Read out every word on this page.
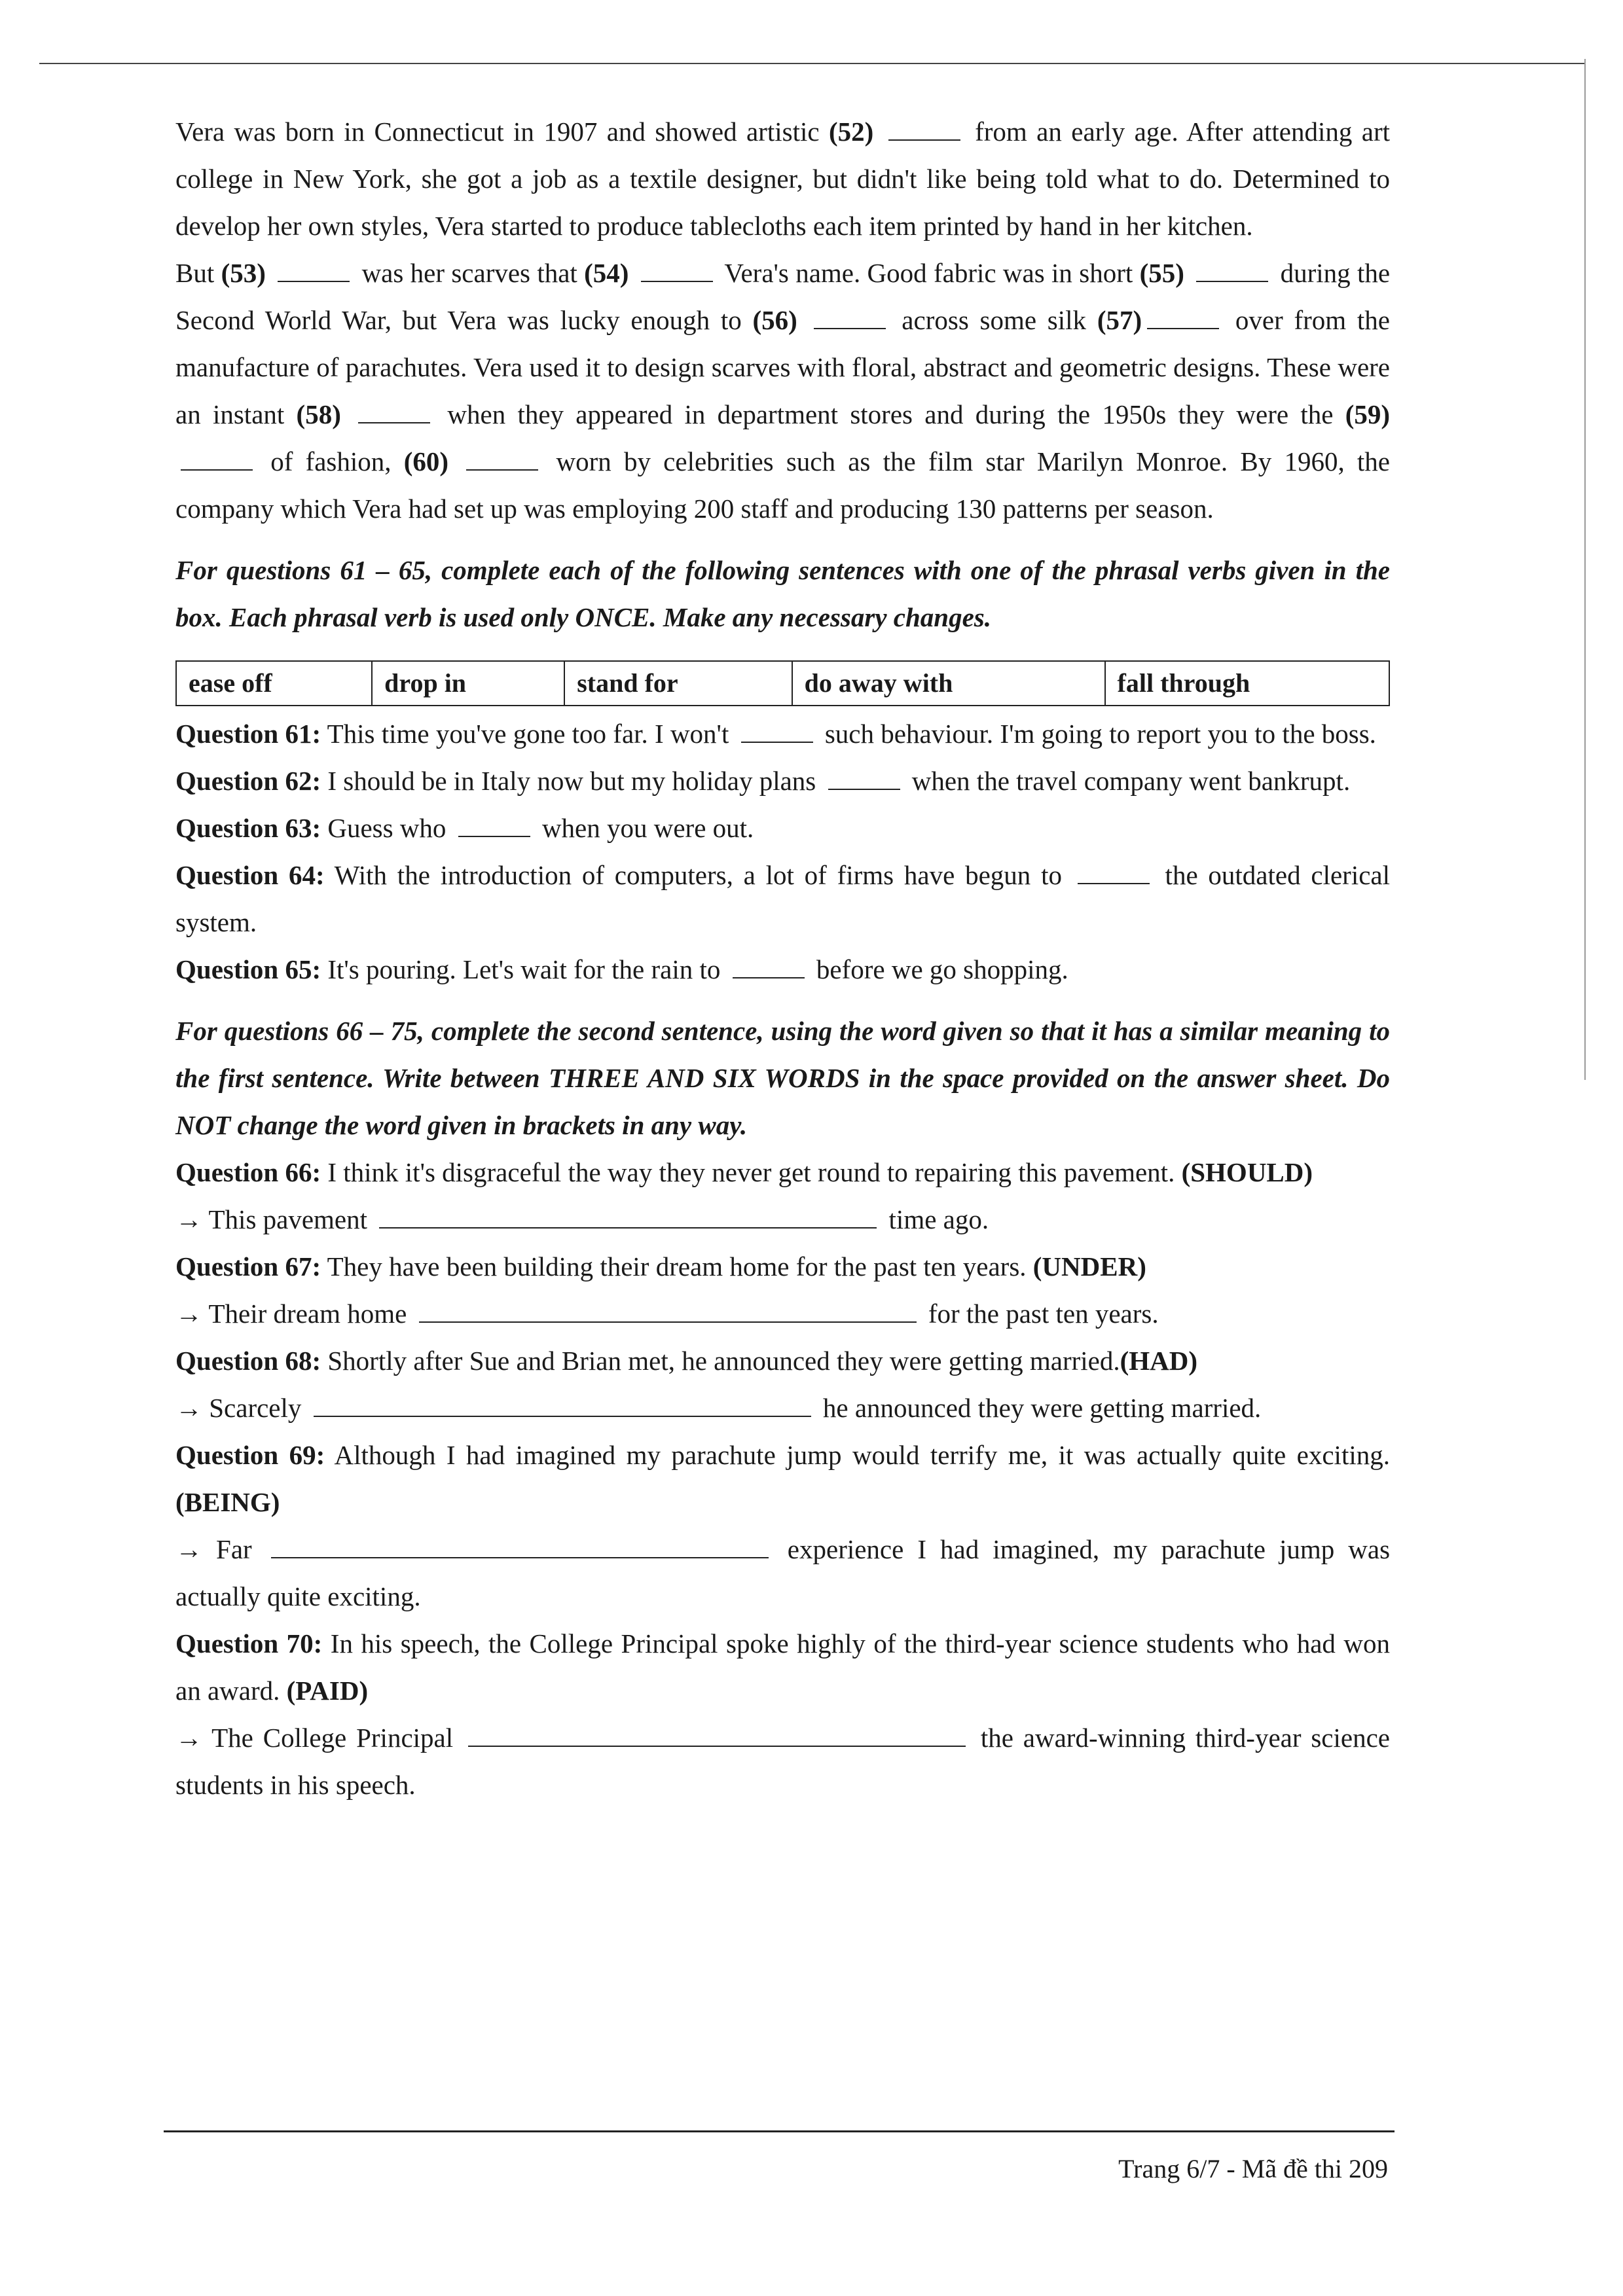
Vera was born in Connecticut in 1907 and showed artistic (52)	from an early age. After attending art college in New York, she got a job as a textile designer, but didn't like being told what to do. Determined to develop her own styles, Vera started to produce tablecloths each item printed by hand in her kitchen.

But (53)	was her scarves that (54)	Vera's name. Good fabric was in short (55)	during the Second World War, but Vera was lucky enough to (56)	across some silk (57)	over from the manufacture of parachutes. Vera used it to design scarves with floral, abstract and geometric designs. These were an instant (58)	when they appeared in department stores and during the 1950s they were the (59)  of fashion, (60)	worn by celebrities such as the film star Marilyn Monroe. By 1960, the company which Vera had set up was employing 200 staff and producing 130 patterns per season.

For questions 61 – 65, complete each of the following sentences with one of the phrasal verbs given in the box. Each phrasal verb is used only ONCE. Make any necessary changes.

ease off	drop in	stand for	do away with	fall through

Question 61: This time you've gone too far. I won't	such behaviour. I'm going to report you to the boss.

Question 62: I should be in Italy now but my holiday plans	when the travel company went bankrupt.

Question 63: Guess who	when you were out.

Question 64: With the introduction of computers, a lot of firms have begun to	the outdated clerical system.

Question 65: It's pouring. Let's wait for the rain to	before we go shopping.

For questions 66 – 75, complete the second sentence, using the word given so that it has a similar meaning to the first sentence. Write between THREE AND SIX WORDS in the space provided on the answer sheet. Do NOT change the word given in brackets in any way.

Question 66: I think it's disgraceful the way they never get round to repairing this pavement. (SHOULD)

→ This pavement	time ago.

Question 67: They have been building their dream home for the past ten years. (UNDER)

→ Their dream home	for the past ten years.

Question 68: Shortly after Sue and Brian met, he announced they were getting married.(HAD)

→ Scarcely	he announced they were getting married.

Question 69: Although I had imagined my parachute jump would terrify me, it was actually quite exciting. (BEING)

→ Far	experience I had imagined, my parachute jump was actually quite exciting.

Question 70: In his speech, the College Principal spoke highly of the third-year science students who had won an award. (PAID)

→ The College Principal	the award-winning third-year science students in his speech.

Trang 6/7 - Mã đề thi 209
